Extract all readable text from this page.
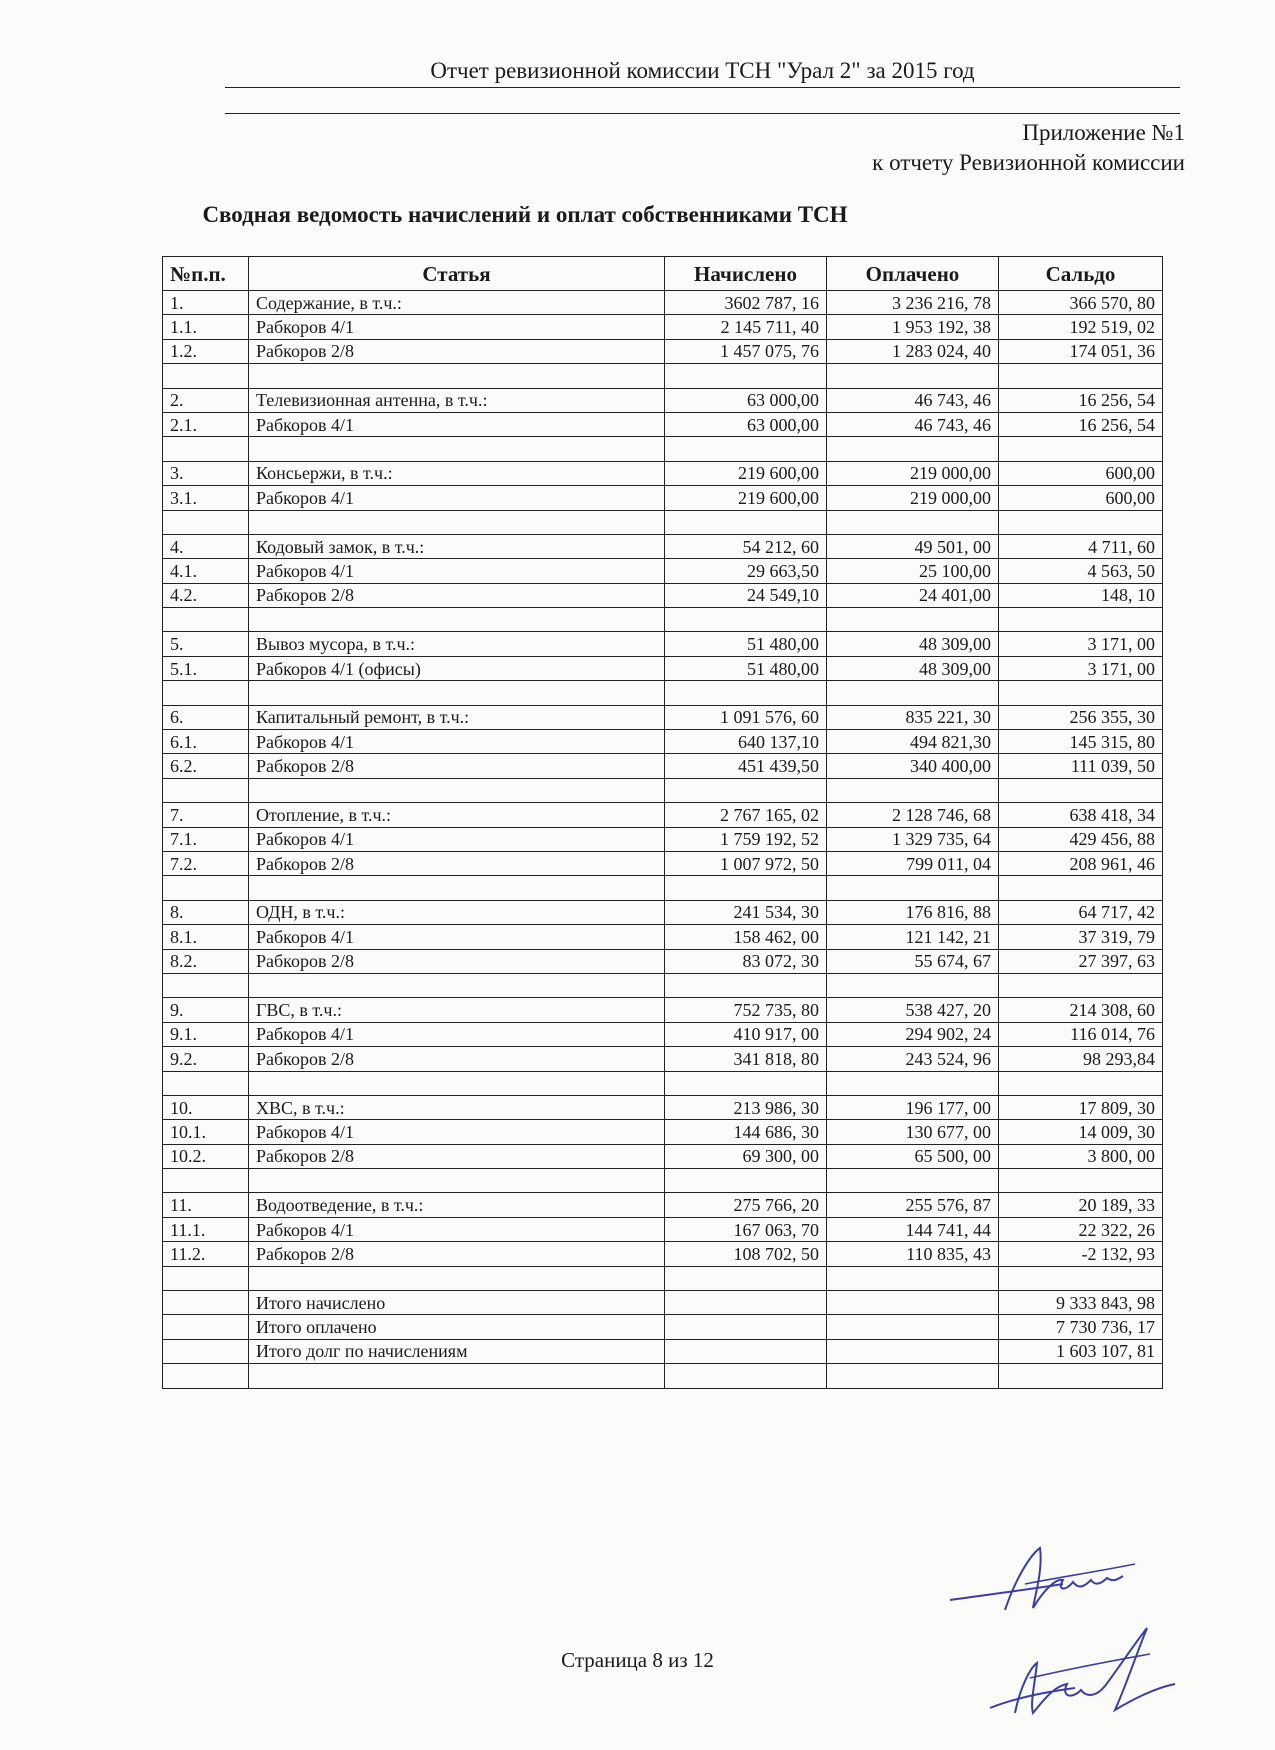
Отчет ревизионной комиссии ТСН "Урал 2" за 2015 год
Приложение №1
к отчету Ревизионной комиссии
Сводная ведомость начислений и оплат собственниками ТСН
№п.п.	Статья	Начислено	Оплачено	Сальдо
1.	Содержание, в т.ч.:	3602 787, 16	3 236 216, 78	366 570, 80
1.1.	Рабкоров 4/1	2 145 711, 40	1 953 192, 38	192 519, 02
1.2.	Рабкоров 2/8	1 457 075, 76	1 283 024, 40	174 051, 36

2.	Телевизионная антенна, в т.ч.:	63 000,00	46 743, 46	16 256, 54
2.1.	Рабкоров 4/1	63 000,00	46 743, 46	16 256, 54

3.	Консьержи, в т.ч.:	219 600,00	219 000,00	600,00
3.1.	Рабкоров 4/1	219 600,00	219 000,00	600,00

4.	Кодовый замок, в т.ч.:	54 212, 60	49 501, 00	4 711, 60
4.1.	Рабкоров 4/1	29 663,50	25 100,00	4 563, 50
4.2.	Рабкоров 2/8	24 549,10	24 401,00	148, 10

5.	Вывоз мусора, в т.ч.:	51 480,00	48 309,00	3 171, 00
5.1.	Рабкоров 4/1 (офисы)	51 480,00	48 309,00	3 171, 00

6.	Капитальный ремонт, в т.ч.:	1 091 576, 60	835 221, 30	256 355, 30
6.1.	Рабкоров 4/1	640 137,10	494 821,30	145 315, 80
6.2.	Рабкоров 2/8	451 439,50	340 400,00	111 039, 50

7.	Отопление, в т.ч.:	2 767 165, 02	2 128 746, 68	638 418, 34
7.1.	Рабкоров 4/1	1 759 192, 52	1 329 735, 64	429 456, 88
7.2.	Рабкоров 2/8	1 007 972, 50	799 011, 04	208 961, 46

8.	ОДН, в т.ч.:	241 534, 30	176 816, 88	64 717, 42
8.1.	Рабкоров 4/1	158 462, 00	121 142, 21	37 319, 79
8.2.	Рабкоров 2/8	83 072, 30	55 674, 67	27 397, 63

9.	ГВС, в т.ч.:	752 735, 80	538 427, 20	214 308, 60
9.1.	Рабкоров 4/1	410 917, 00	294 902, 24	116 014, 76
9.2.	Рабкоров 2/8	341 818, 80	243 524, 96	98 293,84

10.	ХВС, в т.ч.:	213 986, 30	196 177, 00	17 809, 30
10.1.	Рабкоров 4/1	144 686, 30	130 677, 00	14 009, 30
10.2.	Рабкоров 2/8	69 300, 00	65 500, 00	3 800, 00

11.	Водоотведение, в т.ч.:	275 766, 20	255 576, 87	20 189, 33
11.1.	Рабкоров 4/1	167 063, 70	144 741, 44	22 322, 26
11.2.	Рабкоров 2/8	108 702, 50	110 835, 43	-2 132, 93

	Итого начислено			9 333 843, 98
	Итого оплачено			7 730 736, 17
	Итого долг по начислениям			1 603 107, 81

Страница 8 из 12
